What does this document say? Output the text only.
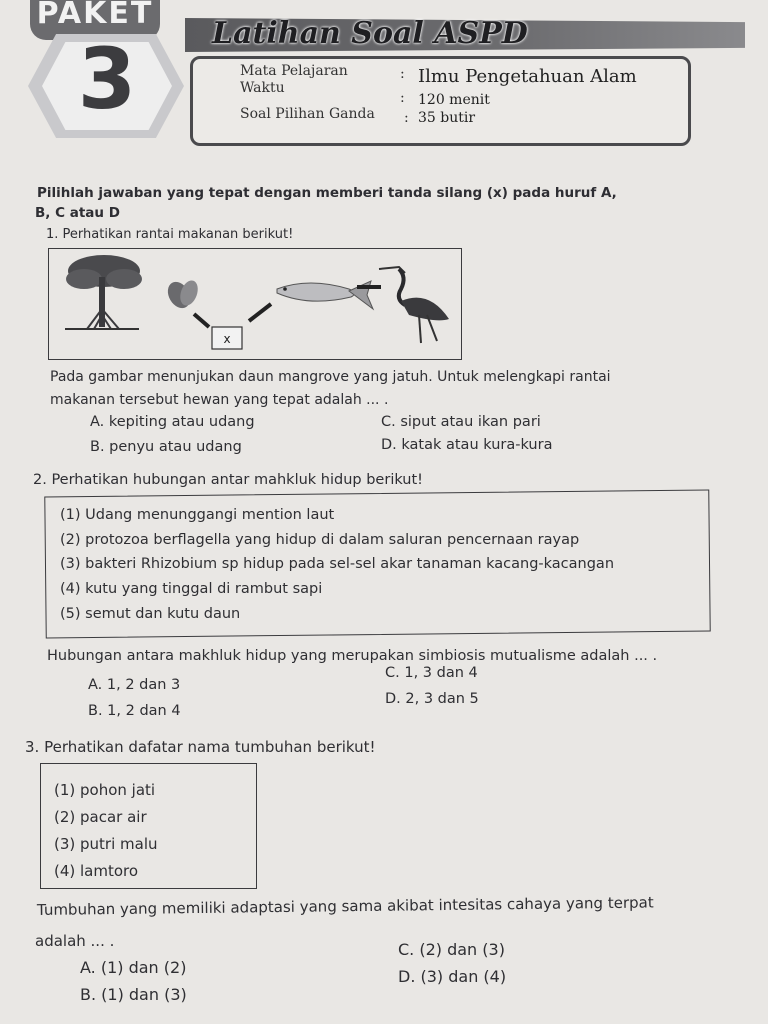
PAKET
Latihan Soal ASPD
3	Mata Pelajaran	: Ilmu Pengetahuan Alam
Waktu
: 120 menit
Soal Pilihan Ganda : 35 butir
Pilihlah jawaban yang tepat dengan memberi tanda silang (x) pada huruf A,
B, C atau D
1. Perhatikan rantai makanan berikut!
x
Pada gambar menunjukan daun mangrove yang jatuh. Untuk melengkapi rantai
makanan tersebut hewan yang tepat adalah ... .
A. kepiting atau udang
B. penyu atau udang
C. siput atau ikan pari
D. katak atau kura-kura
2. Perhatikan hubungan antar mahkluk hidup berikut!
(1) Udang menunggangi mention laut
(2) protozoa berflagella yang hidup di dalam saluran pencernaan rayap
(3) bakteri Rhizobium sp hidup pada sel-sel akar tanaman kacang-kacangan
(4) kutu yang tinggal di rambut sapi
(5) semut dan kutu daun
Hubungan antara makhluk hidup yang merupakan simbiosis mutualisme adalah ... .
A. 1, 2 dan 3
B. 1, 2 dan 4
C. 1, 3 dan 4
D. 2, 3 dan 5
3. Perhatikan dafatar nama tumbuhan berikut!
(1) pohon jati
(2) pacar air
(3) putri malu
(4) lamtoro
Tumbuhan yang memiliki adaptasi yang sama akibat intesitas cahaya yang terpat
adalah ... .
A. (1) dan (2)
B. (1) dan (3)
C. (2) dan (3)
D. (3) dan (4)
